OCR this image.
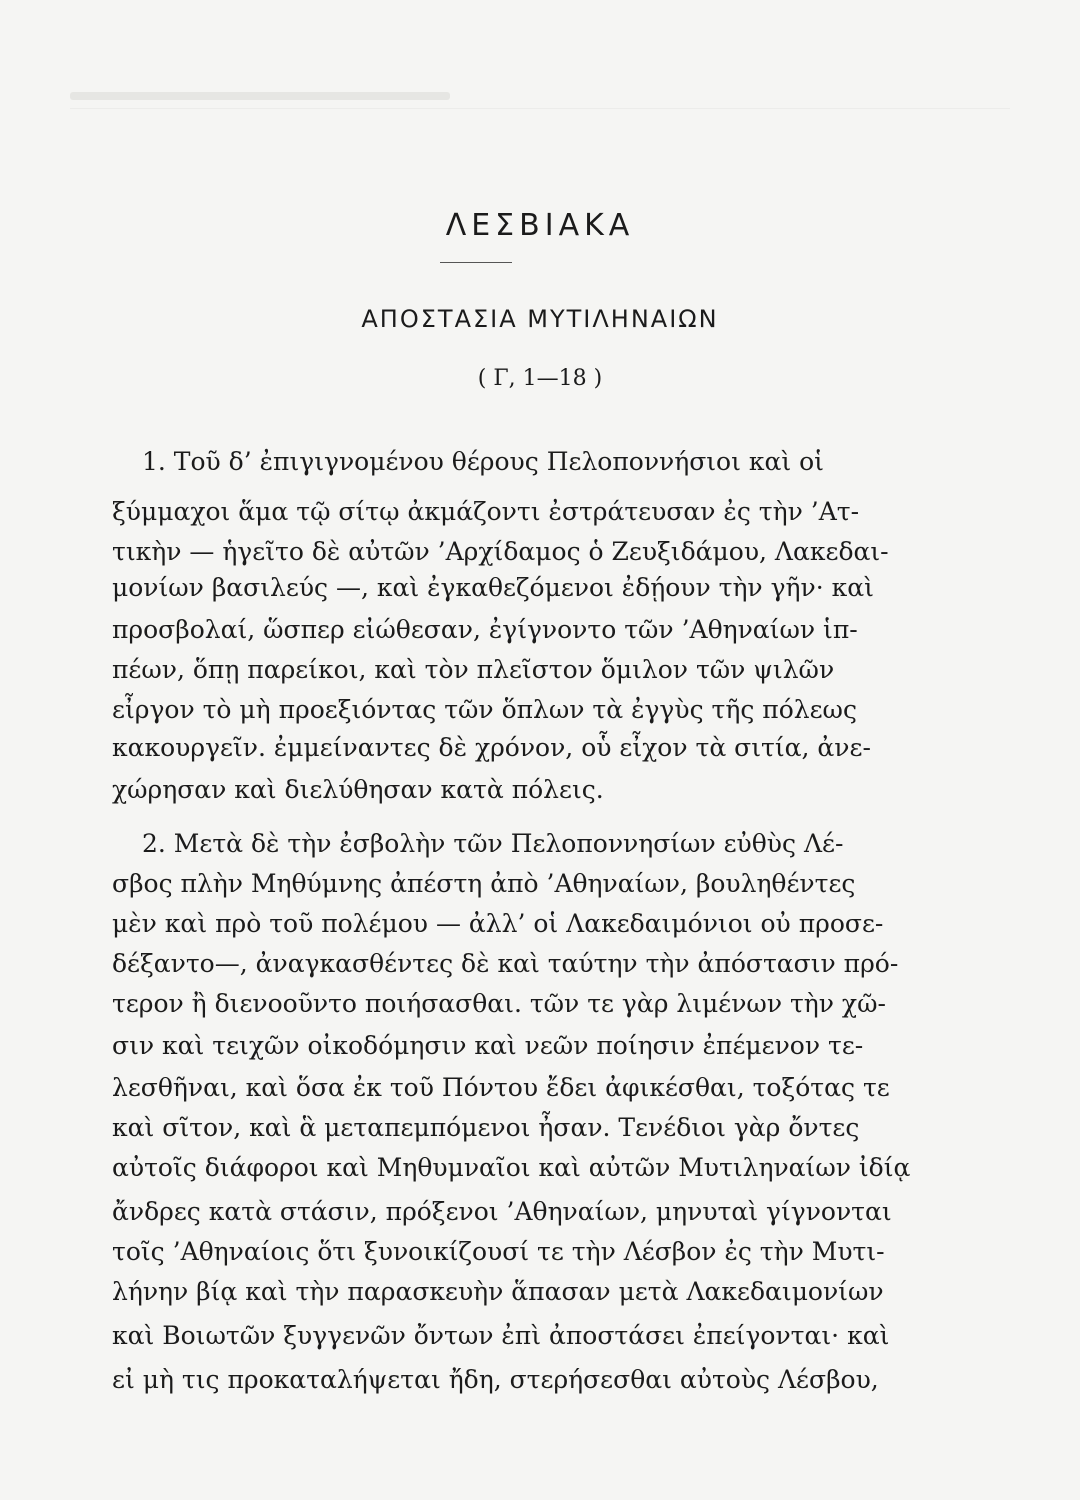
ΛΕΣΒΙΑΚΑ
ΑΠΟΣΤΑΣΙΑ ΜΥΤΙΛΗΝΑΙΩΝ
( Γ, 1—18 )
1. Τοῦ δ’ ἐπιγιγνομένου θέρους Πελοποννήσιοι καὶ οἱ
ξύμμαχοι ἅμα τῷ σίτῳ ἀκμάζοντι ἐστράτευσαν ἐς τὴν ’Ατ-
τικὴν — ἡγεῖτο δὲ αὐτῶν ’Αρχίδαμος ὁ Ζευξιδάμου, Λακεδαι-
μονίων βασιλεύς —, καὶ ἐγκαθεζόμενοι ἐδῄουν τὴν γῆν· καὶ
προσβολαί, ὥσπερ εἰώθεσαν, ἐγίγνοντο τῶν ’Αθηναίων ἱπ-
πέων, ὅπῃ παρείκοι, καὶ τὸν πλεῖστον ὅμιλον τῶν ψιλῶν
εἶργον τὸ μὴ προεξιόντας τῶν ὅπλων τὰ ἐγγὺς τῆς πόλεως
κακουργεῖν. ἐμμείναντες δὲ χρόνον, οὗ εἶχον τὰ σιτία, ἀνε-
χώρησαν καὶ διελύθησαν κατὰ πόλεις.
2. Μετὰ δὲ τὴν ἐσβολὴν τῶν Πελοποννησίων εὐθὺς Λέ-
σβος πλὴν Μηθύμνης ἀπέστη ἀπὸ ’Αθηναίων, βουληθέντες
μὲν καὶ πρὸ τοῦ πολέμου — ἀλλ’ οἱ Λακεδαιμόνιοι οὐ προσε-
δέξαντο—, ἀναγκασθέντες δὲ καὶ ταύτην τὴν ἀπόστασιν πρό-
τερον ἢ διενοοῦντο ποιήσασθαι. τῶν τε γὰρ λιμένων τὴν χῶ-
σιν καὶ τειχῶν οἰκοδόμησιν καὶ νεῶν ποίησιν ἐπέμενον τε-
λεσθῆναι, καὶ ὅσα ἐκ τοῦ Πόντου ἔδει ἀφικέσθαι, τοξότας τε
καὶ σῖτον, καὶ ἃ μεταπεμπόμενοι ἦσαν. Τενέδιοι γὰρ ὄντες
αὐτοῖς διάφοροι καὶ Μηθυμναῖοι καὶ αὐτῶν Μυτιληναίων ἰδίᾳ
ἄνδρες κατὰ στάσιν, πρόξενοι ’Αθηναίων, μηνυταὶ γίγνονται
τοῖς ’Αθηναίοις ὅτι ξυνοικίζουσί τε τὴν Λέσβον ἐς τὴν Μυτι-
λήνην βίᾳ καὶ τὴν παρασκευὴν ἅπασαν μετὰ Λακεδαιμονίων
καὶ Βοιωτῶν ξυγγενῶν ὄντων ἐπὶ ἀποστάσει ἐπείγονται· καὶ
εἰ μὴ τις προκαταλήψεται ἤδη, στερήσεσθαι αὐτοὺς Λέσβου,
